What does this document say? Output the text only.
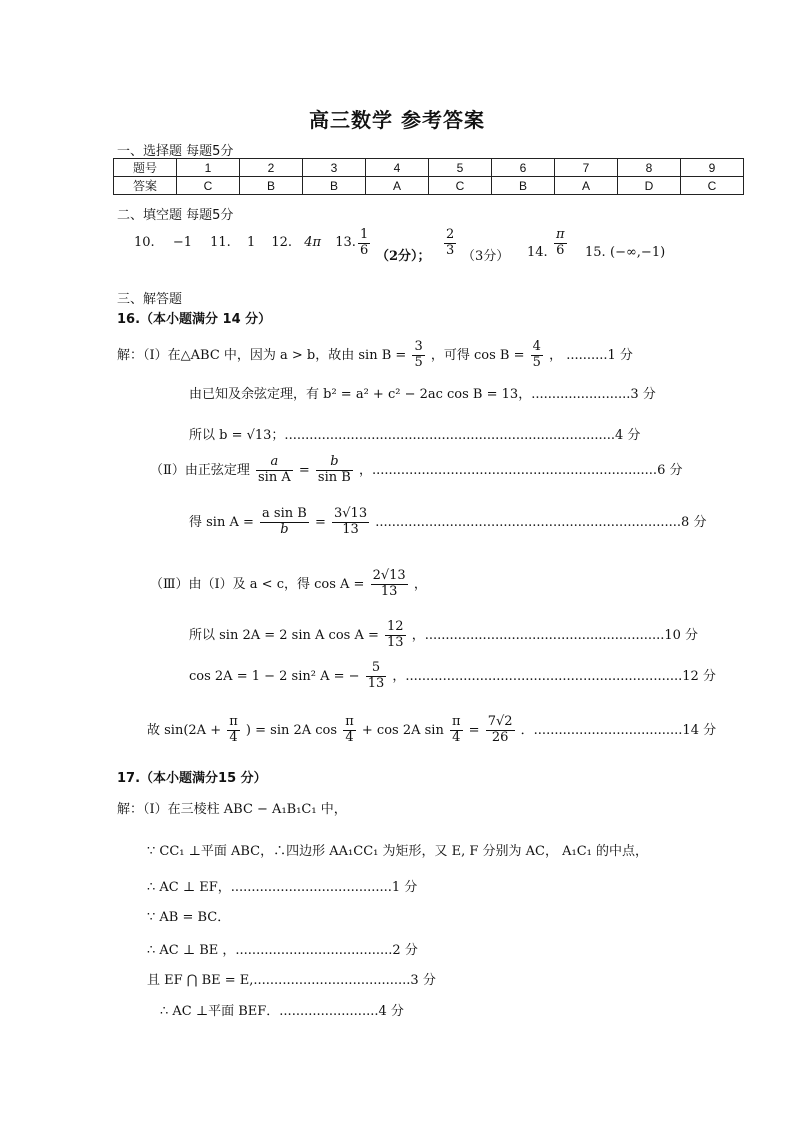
高三数学 参考答案
一、选择题 每题5分
题号	1	2	3	4	5	6	7	8	9
答案	C	B	B	A	C	B	A	D	C
二、填空题 每题5分
10. −1 11. 1 12. 4π 13. $\frac{1}{6} (2$分）； $\frac{2}{3} (3$分） 14. $\frac{\pi}{6} 15$. (−∞,−1)
三、解答题
16.（本小题满分 14 分）
解：（Ⅰ）在△ABC 中，因为 a > b，故由 $\sin B = \frac{3}{5}$ ，可得 $\cos B = \frac{4}{5}$ ， ..........1 分
由已知及余弦定理，有 b² = a² + c² − 2ac cos B = 13，........................3 分
所以 b = √13；................................................................................4 分
（Ⅱ）由正弦定理 $\frac{a}{\text{sin A}} = \frac{b}{\text{sin B}}$ ，.....................................................................6 分
得 $\sin A = \frac{\text{a sin B}}{b} = \frac{3√13}{13} ..........................................................................8$ 分
（Ⅲ）由（Ⅰ）及 a < c，得 $\cos A = \frac{2√13}{13}$ ，
所以 sin 2A = 2 sin A $\cos A = \frac{12}{13}$ ，..........................................................10 分
cos 2A = 1 − 2 sin² A = − $\frac{5}{13}$ ，...................................................................12 分
故 $\sin(2A + \frac{\pi}{4}$ ) = sin 2A $\cos \frac{\pi}{4} + \cos 2A$ $\sin \frac{\pi}{4} = \frac{7√2}{26}$ ．....................................14 分
17.（本小题满分15 分）
解：（Ⅰ）在三棱柱 ABC − A₁B₁C₁ 中，
∵ CC₁ ⊥平面 ABC，∴四边形 AA₁CC₁ 为矩形，又 E, F 分别为 AC， A₁C₁ 的中点，
∴ AC ⊥ EF，.......................................1 分
∵ AB = BC．
∴ AC ⊥ BE ，......................................2 分
且 EF ⋂ BE = E,......................................3 分
∴ AC ⊥平面 BEF．........................4 分
